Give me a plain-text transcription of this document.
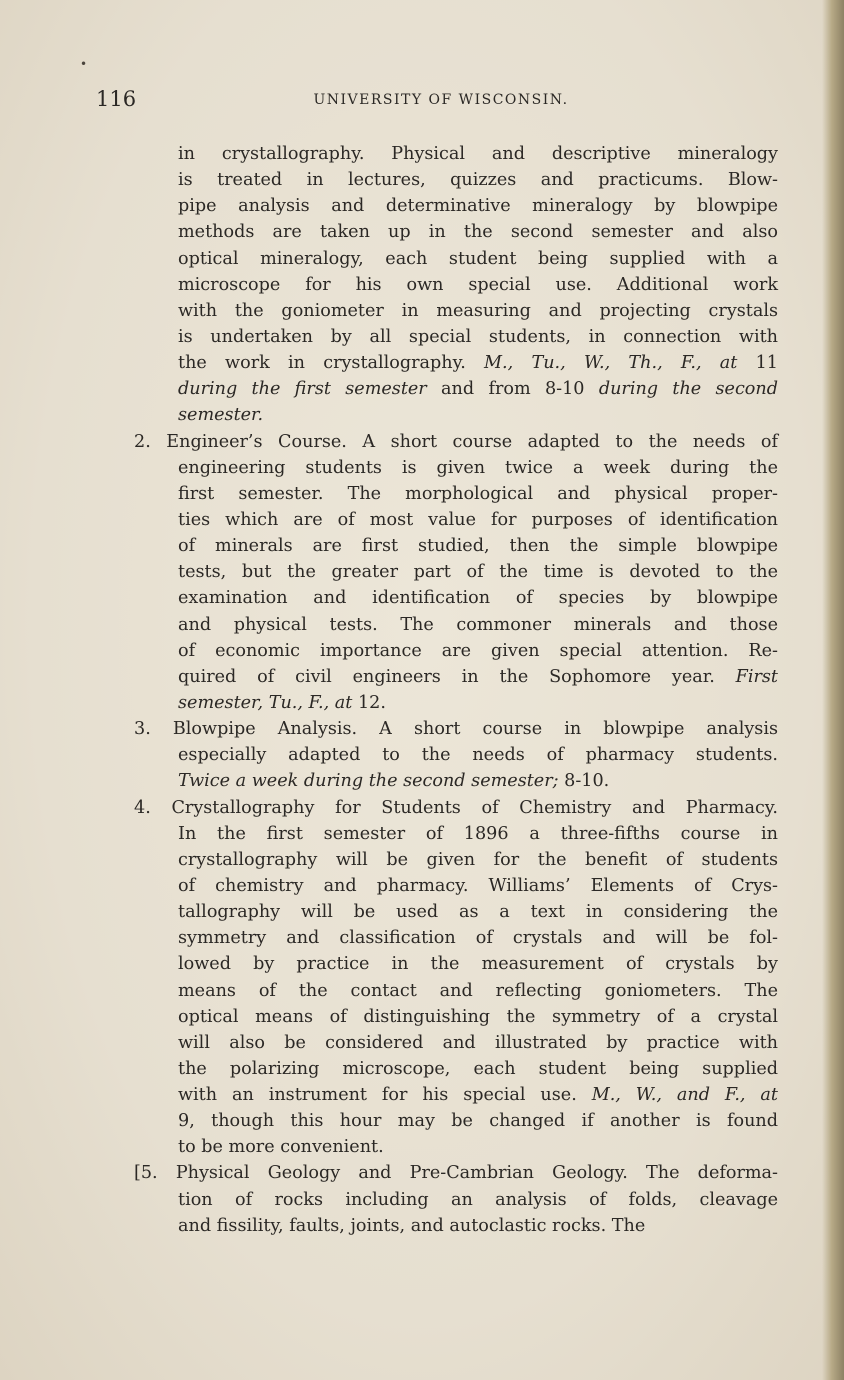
•
116	UNIVERSITY OF WISCONSIN.
in crystallography. Physical and descriptive mineralogy
is treated in lectures, quizzes and practicums. Blow-
pipe analysis and determinative mineralogy by blowpipe
methods are taken up in the second semester and also
optical mineralogy, each student being supplied with a
microscope for his own special use. Additional work
with the goniometer in measuring and projecting crystals
is undertaken by all special students, in connection with
the work in crystallography. M., Tu., W., Th., F., at 11
during the first semester and from 8-10 during the second
semester.
2. Engineer’s Course. A short course adapted to the needs of
engineering students is given twice a week during the
first semester. The morphological and physical proper-
ties which are of most value for purposes of identification
of minerals are first studied, then the simple blowpipe
tests, but the greater part of the time is devoted to the
examination and identification of species by blowpipe
and physical tests. The commoner minerals and those
of economic importance are given special attention. Re-
quired of civil engineers in the Sophomore year. First
semester, Tu., F., at 12.
3. Blowpipe Analysis. A short course in blowpipe analysis
especially adapted to the needs of pharmacy students.
Twice a week during the second semester; 8-10.
4. Crystallography for Students of Chemistry and Pharmacy.
In the first semester of 1896 a three-fifths course in
crystallography will be given for the benefit of students
of chemistry and pharmacy. Williams’ Elements of Crys-
tallography will be used as a text in considering the
symmetry and classification of crystals and will be fol-
lowed by practice in the measurement of crystals by
means of the contact and reflecting goniometers. The
optical means of distinguishing the symmetry of a crystal
will also be considered and illustrated by practice with
the polarizing microscope, each student being supplied
with an instrument for his special use. M., W., and F., at
9, though this hour may be changed if another is found
to be more convenient.
[5. Physical Geology and Pre-Cambrian Geology. The deforma-
tion of rocks including an analysis of folds, cleavage
and fissility, faults, joints, and autoclastic rocks. The
